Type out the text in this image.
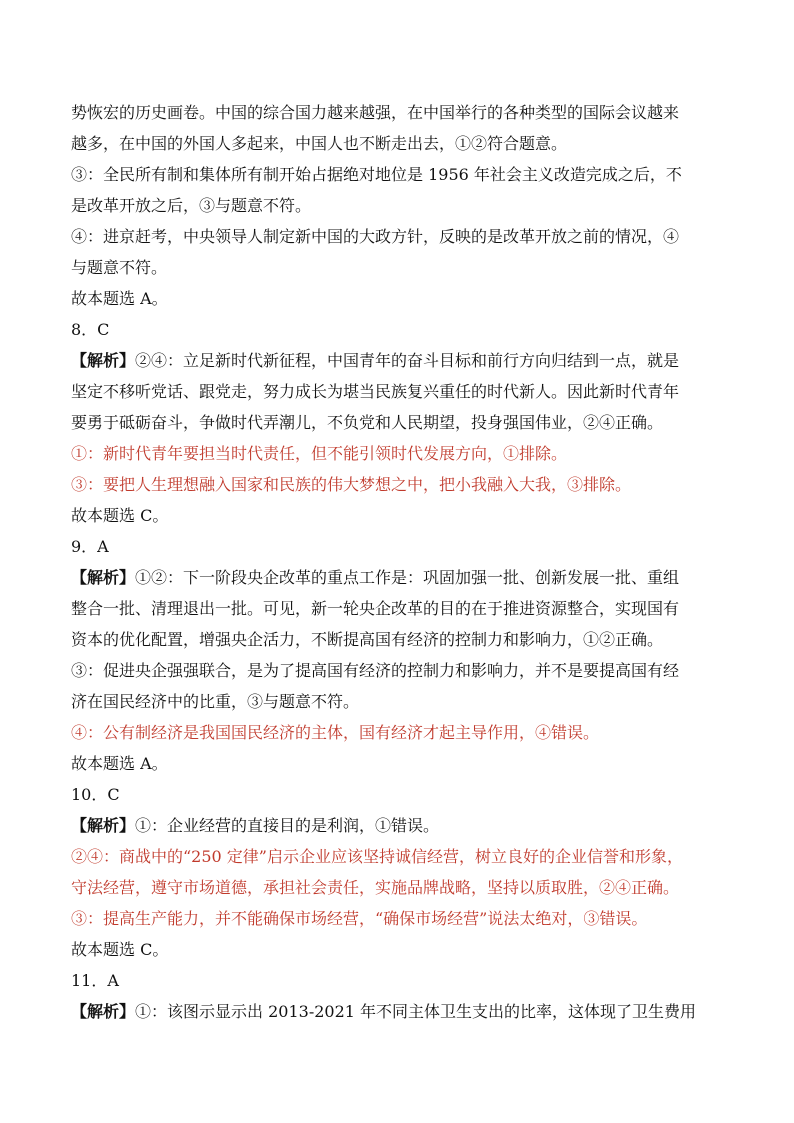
势恢宏的历史画卷。中国的综合国力越来越强，在中国举行的各种类型的国际会议越来
越多，在中国的外国人多起来，中国人也不断走出去，①②符合题意。
③：全民所有制和集体所有制开始占据绝对地位是 1956 年社会主义改造完成之后，不
是改革开放之后，③与题意不符。
④：进京赶考，中央领导人制定新中国的大政方针，反映的是改革开放之前的情况，④
与题意不符。
故本题选 A。
8．C
【解析】②④：立足新时代新征程，中国青年的奋斗目标和前行方向归结到一点，就是
坚定不移听党话、跟党走，努力成长为堪当民族复兴重任的时代新人。因此新时代青年
要勇于砥砺奋斗，争做时代弄潮儿，不负党和人民期望，投身强国伟业，②④正确。
①：新时代青年要担当时代责任，但不能引领时代发展方向，①排除。
③：要把人生理想融入国家和民族的伟大梦想之中，把小我融入大我，③排除。
故本题选 C。
9．A
【解析】①②：下一阶段央企改革的重点工作是：巩固加强一批、创新发展一批、重组
整合一批、清理退出一批。可见，新一轮央企改革的目的在于推进资源整合，实现国有
资本的优化配置，增强央企活力，不断提高国有经济的控制力和影响力，①②正确。
③：促进央企强强联合，是为了提高国有经济的控制力和影响力，并不是要提高国有经
济在国民经济中的比重，③与题意不符。
④：公有制经济是我国国民经济的主体，国有经济才起主导作用，④错误。
故本题选 A。
10．C
【解析】①：企业经营的直接目的是利润，①错误。
②④：商战中的“250 定律”启示企业应该坚持诚信经营，树立良好的企业信誉和形象，
守法经营，遵守市场道德，承担社会责任，实施品牌战略，坚持以质取胜，②④正确。
③：提高生产能力，并不能确保市场经营，“确保市场经营”说法太绝对，③错误。
故本题选 C。
11．A
【解析】①：该图示显示出 2013-2021 年不同主体卫生支出的比率，这体现了卫生费用
